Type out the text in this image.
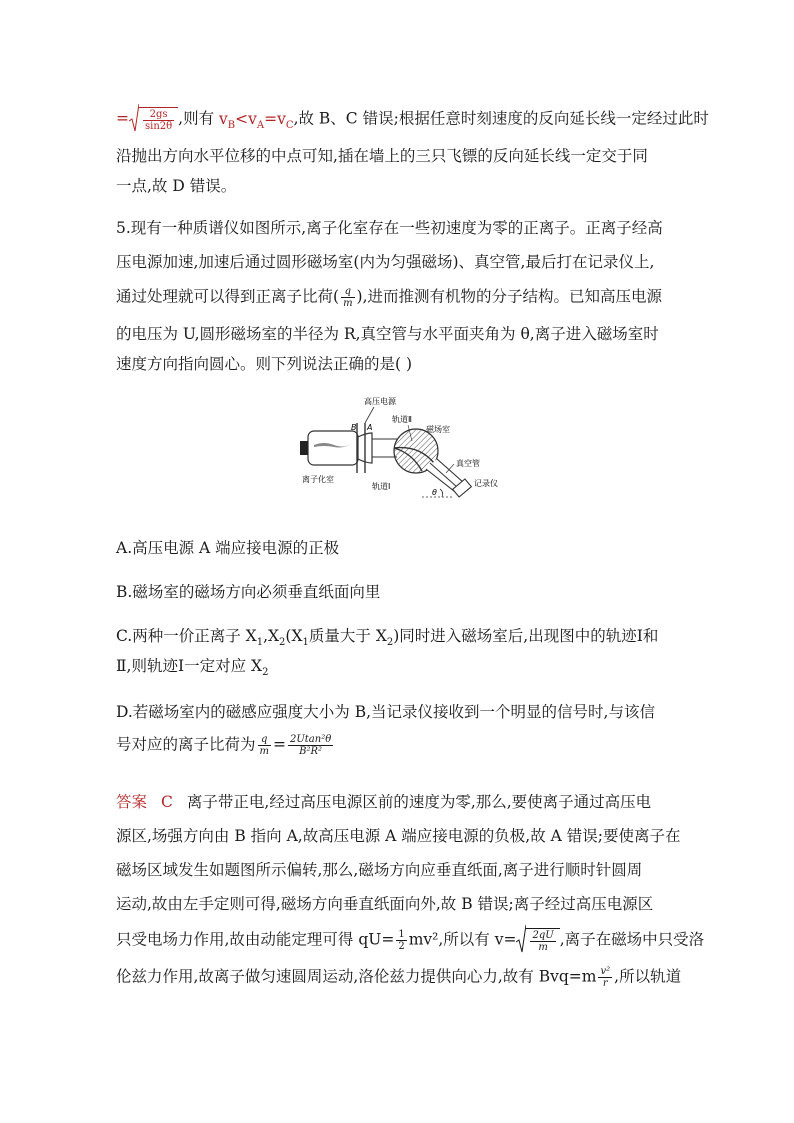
= $\frac{2gs}{\sin 2\theta}$ ,则有 $v_B<v_A=v_C$,故 B、C 错误;根据任意时刻速度的反向延长线一定经过此时
沿抛出方向水平位移的中点可知,插在墙上的三只飞镖的反向延长线一定交于同
一点,故 D 错误。
5.现有一种质谱仪如图所示,离子化室存在一些初速度为零的正离子。正离子经高
压电源加速,加速后通过圆形磁场室(内为匀强磁场)、真空管,最后打在记录仪上,
通过处理就可以得到正离子比荷( $\frac{q}{m}$ ),进而推测有机物的分子结构。已知高压电源
的电压为 U,圆形磁场室的半径为 R,真空管与水平面夹角为 θ,离子进入磁场室时
速度方向指向圆心。则下列说法正确的是( )
B A
高压电源
θ
轨道Ⅱ
磁场室
离子化室
轨道Ⅰ
真空管
记录仪
A.高压电源 A 端应接电源的正极
B.磁场室的磁场方向必须垂直纸面向里
C.两种一价正离子 $X_1,X_2(X_1$质量大于 $X_2$)同时进入磁场室后,出现图中的轨迹Ⅰ和
Ⅱ,则轨迹Ⅰ一定对应 $X_2$
D.若磁场室内的磁感应强度大小为 B,当记录仪接收到一个明显的信号时,与该信
号对应的离子比荷为 $\frac{q}{m} = \frac{\text{2Utan²θ}}{\text{B²R²}}$
答案 C 离子带正电,经过高压电源区前的速度为零,那么,要使离子通过高压电
源区,场强方向由 B 指向 A,故高压电源 A 端应接电源的负极,故 A 错误;要使离子在
磁场区域发生如题图所示偏转,那么,磁场方向应垂直纸面,离子进行顺时针圆周
运动,故由左手定则可得,磁场方向垂直纸面向外,故 B 错误;离子经过高压电源区
只受电场力作用,故由动能定理可得 $qU= \frac{1}{2} mv^2$,所以有 $v= \frac{2qU}{m}$ ,离子在磁场中只受洛
伦兹力作用,故离子做匀速圆周运动,洛伦兹力提供向心力,故有 $Bvq=m \frac{\text{v²}}{r}$ ,所以轨道
